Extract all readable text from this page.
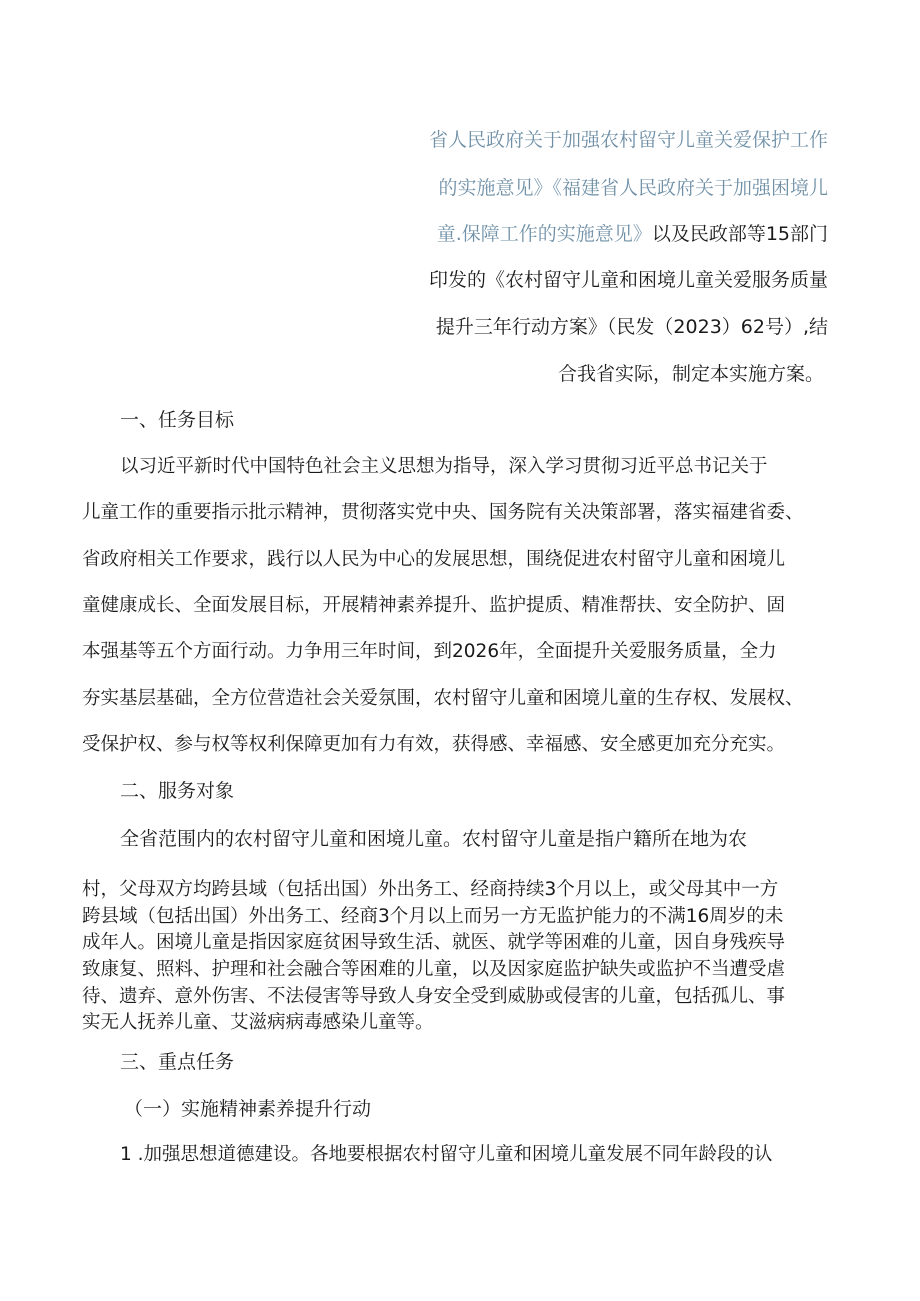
省人民政府关于加强农村留守儿童关爱保护工作
的实施意见》《福建省人民政府关于加强困境儿
童.保障工作的实施意见》以及民政部等15部门
印发的《农村留守儿童和困境儿童关爱服务质量
提升三年行动方案》（民发（2023）62号）,结
合我省实际，制定本实施方案。
一、任务目标
以习近平新时代中国特色社会主义思想为指导，深入学习贯彻习近平总书记关于
儿童工作的重要指示批示精神，贯彻落实党中央、国务院有关决策部署，落实福建省委、
省政府相关工作要求，践行以人民为中心的发展思想，围绕促进农村留守儿童和困境儿
童健康成长、全面发展目标，开展精神素养提升、监护提质、精准帮扶、安全防护、固
本强基等五个方面行动。力争用三年时间，到2026年，全面提升关爱服务质量，全力
夯实基层基础，全方位营造社会关爱氛围，农村留守儿童和困境儿童的生存权、发展权、
受保护权、参与权等权利保障更加有力有效，获得感、幸福感、安全感更加充分充实。
二、服务对象
全省范围内的农村留守儿童和困境儿童。农村留守儿童是指户籍所在地为农
村，父母双方均跨县域（包括出国）外出务工、经商持续3个月以上，或父母其中一方
跨县域（包括出国）外出务工、经商3个月以上而另一方无监护能力的不满16周岁的未
成年人。困境儿童是指因家庭贫困导致生活、就医、就学等困难的儿童，因自身残疾导
致康复、照料、护理和社会融合等困难的儿童，以及因家庭监护缺失或监护不当遭受虐
待、遗弃、意外伤害、不法侵害等导致人身安全受到威胁或侵害的儿童，包括孤儿、事
实无人抚养儿童、艾滋病病毒感染儿童等。
三、重点任务
（一）实施精神素养提升行动
1 .加强思想道德建设。各地要根据农村留守儿童和困境儿童发展不同年龄段的认
